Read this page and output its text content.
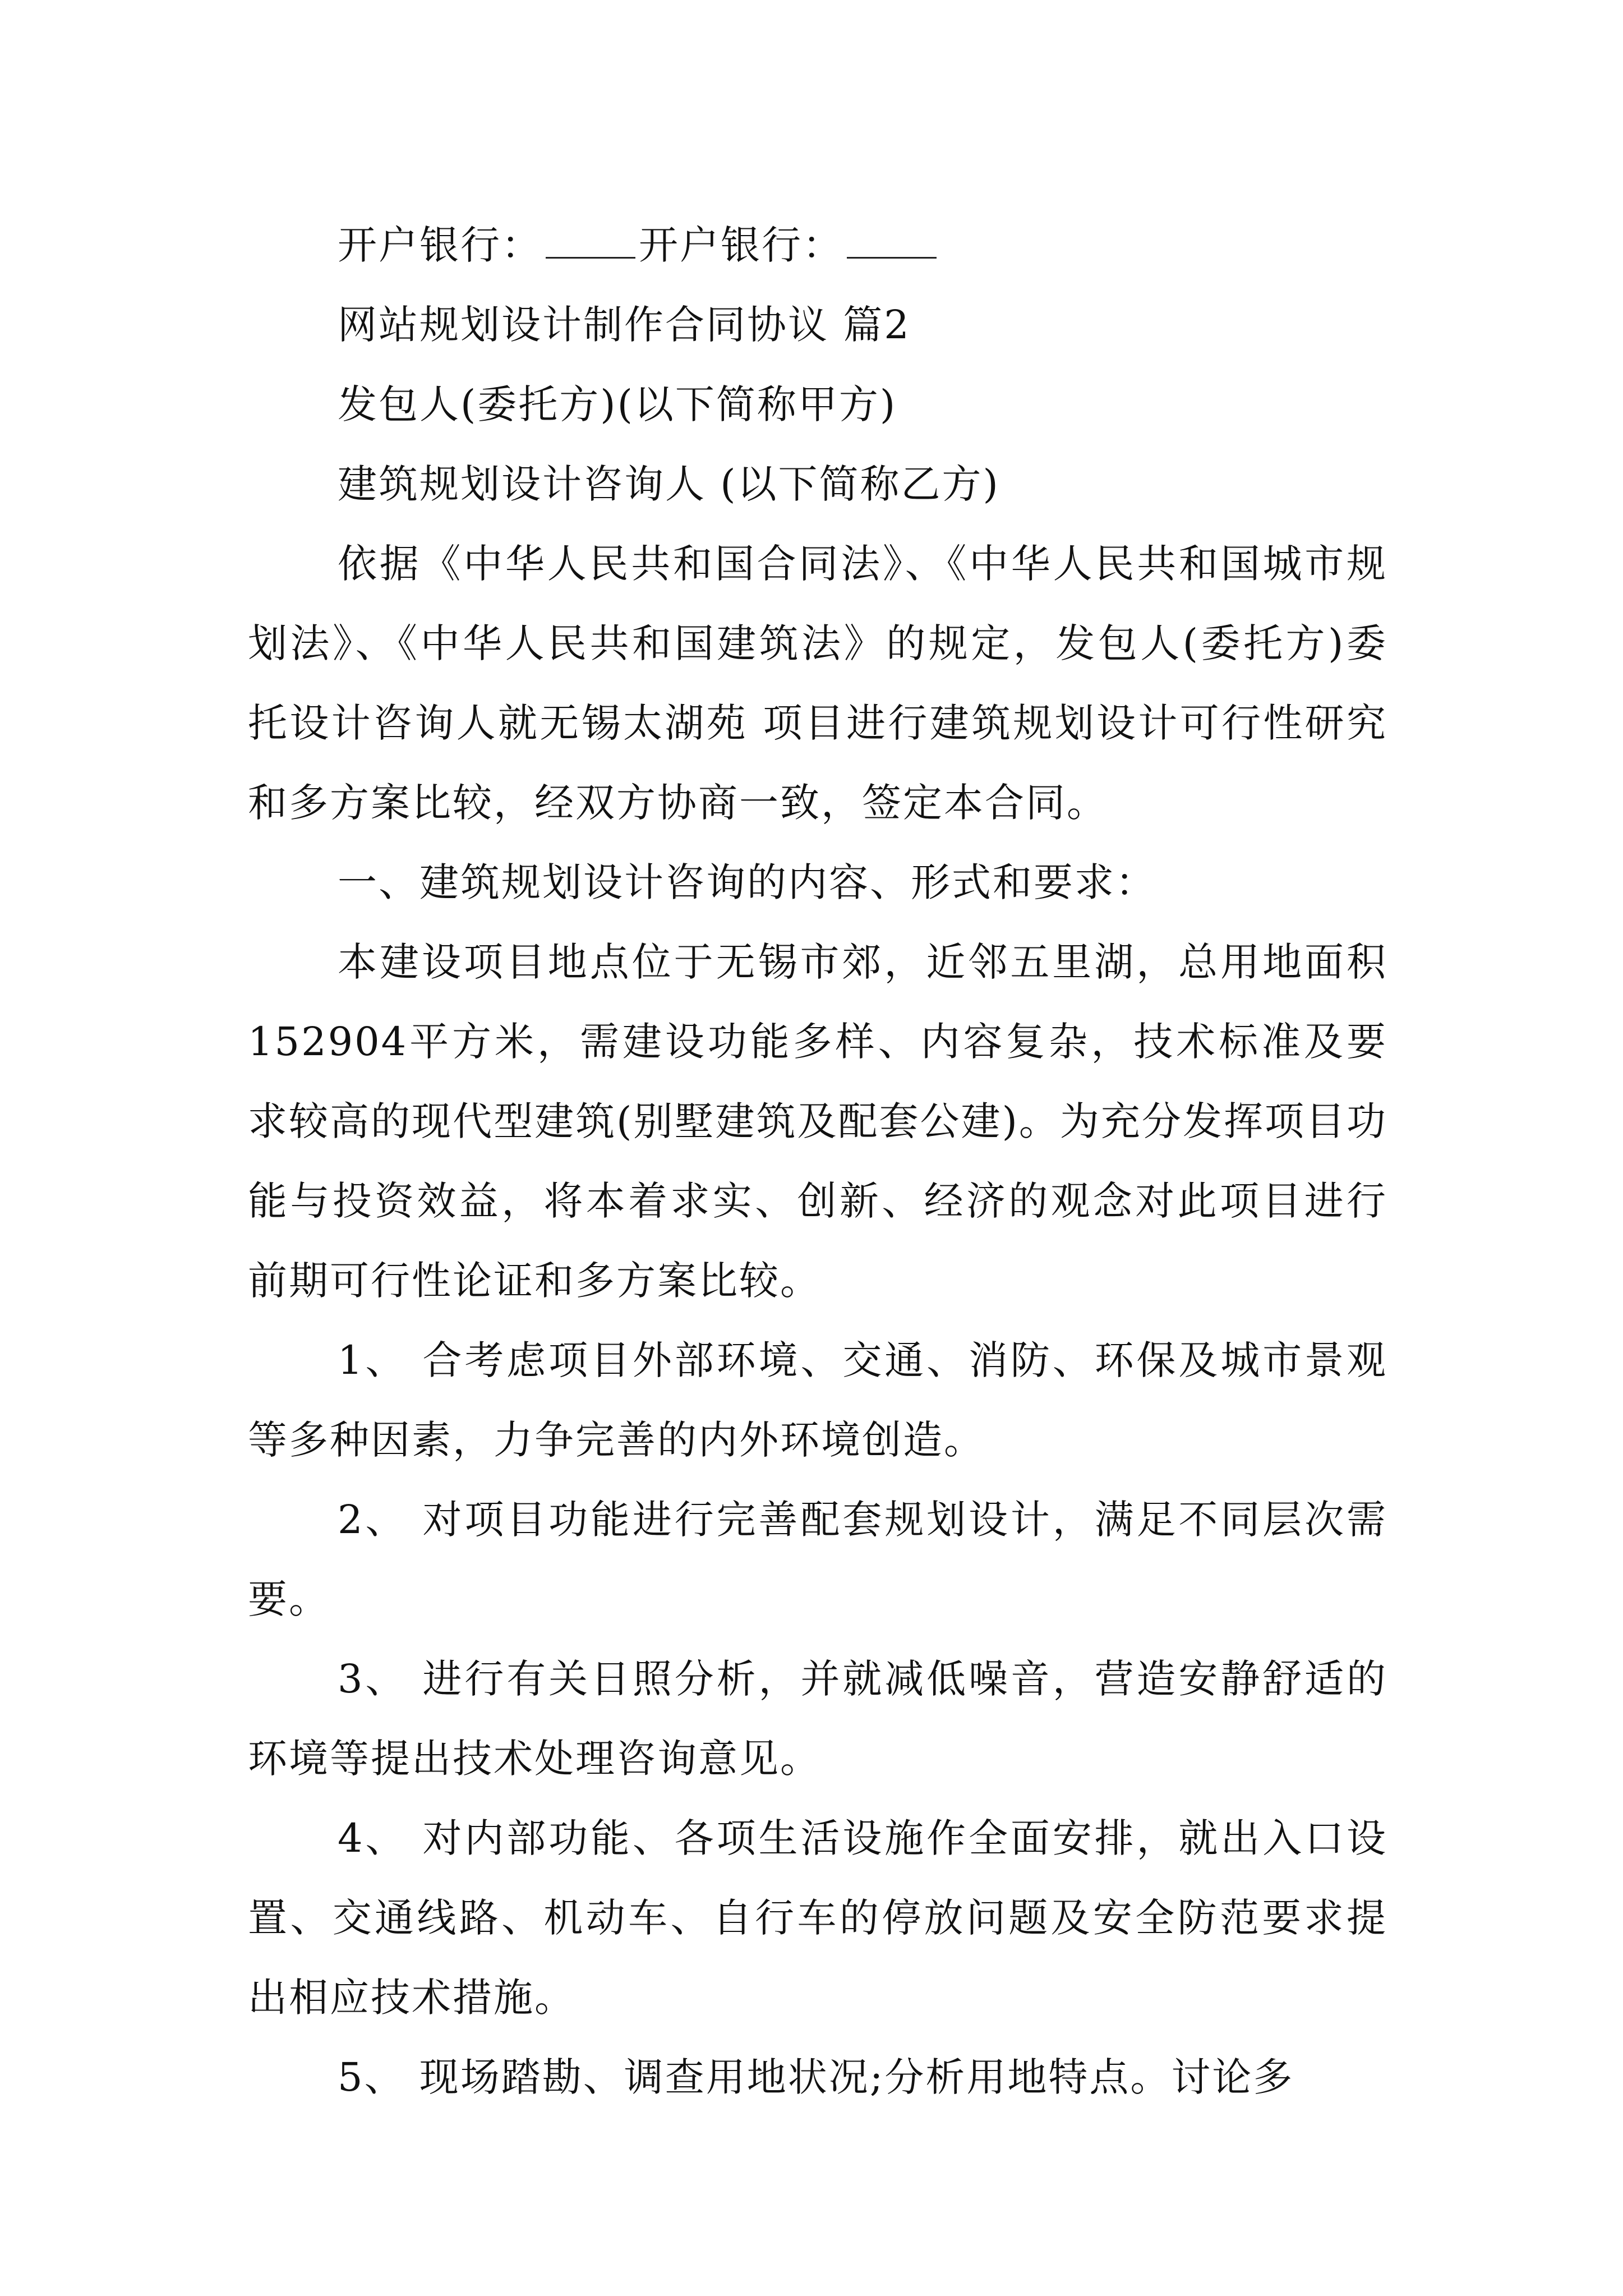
开户银行： 开户银行：

网站规划设计制作合同协议 篇2

发包人(委托方)(以下简称甲方)

建筑规划设计咨询人 (以下简称乙方)

依据《中华人民共和国合同法》、《中华人民共和国城市规划法》、《中华人民共和国建筑法》的规定，发包人(委托方)委托设计咨询人就无锡太湖苑 项目进行建筑规划设计可行性研究和多方案比较，经双方协商一致，签定本合同。

一、建筑规划设计咨询的内容、形式和要求：

本建设项目地点位于无锡市郊，近邻五里湖，总用地面积152904平方米，需建设功能多样、内容复杂，技术标准及要求较高的现代型建筑(别墅建筑及配套公建)。为充分发挥项目功能与投资效益，将本着求实、创新、经济的观念对此项目进行前期可行性论证和多方案比较。

1、 合考虑项目外部环境、交通、消防、环保及城市景观等多种因素，力争完善的内外环境创造。

2、 对项目功能进行完善配套规划设计，满足不同层次需要。

3、 进行有关日照分析，并就减低噪音，营造安静舒适的环境等提出技术处理咨询意见。

4、 对内部功能、各项生活设施作全面安排，就出入口设置、交通线路、机动车、自行车的停放问题及安全防范要求提出相应技术措施。

5、 现场踏勘、调查用地状况;分析用地特点。讨论多
